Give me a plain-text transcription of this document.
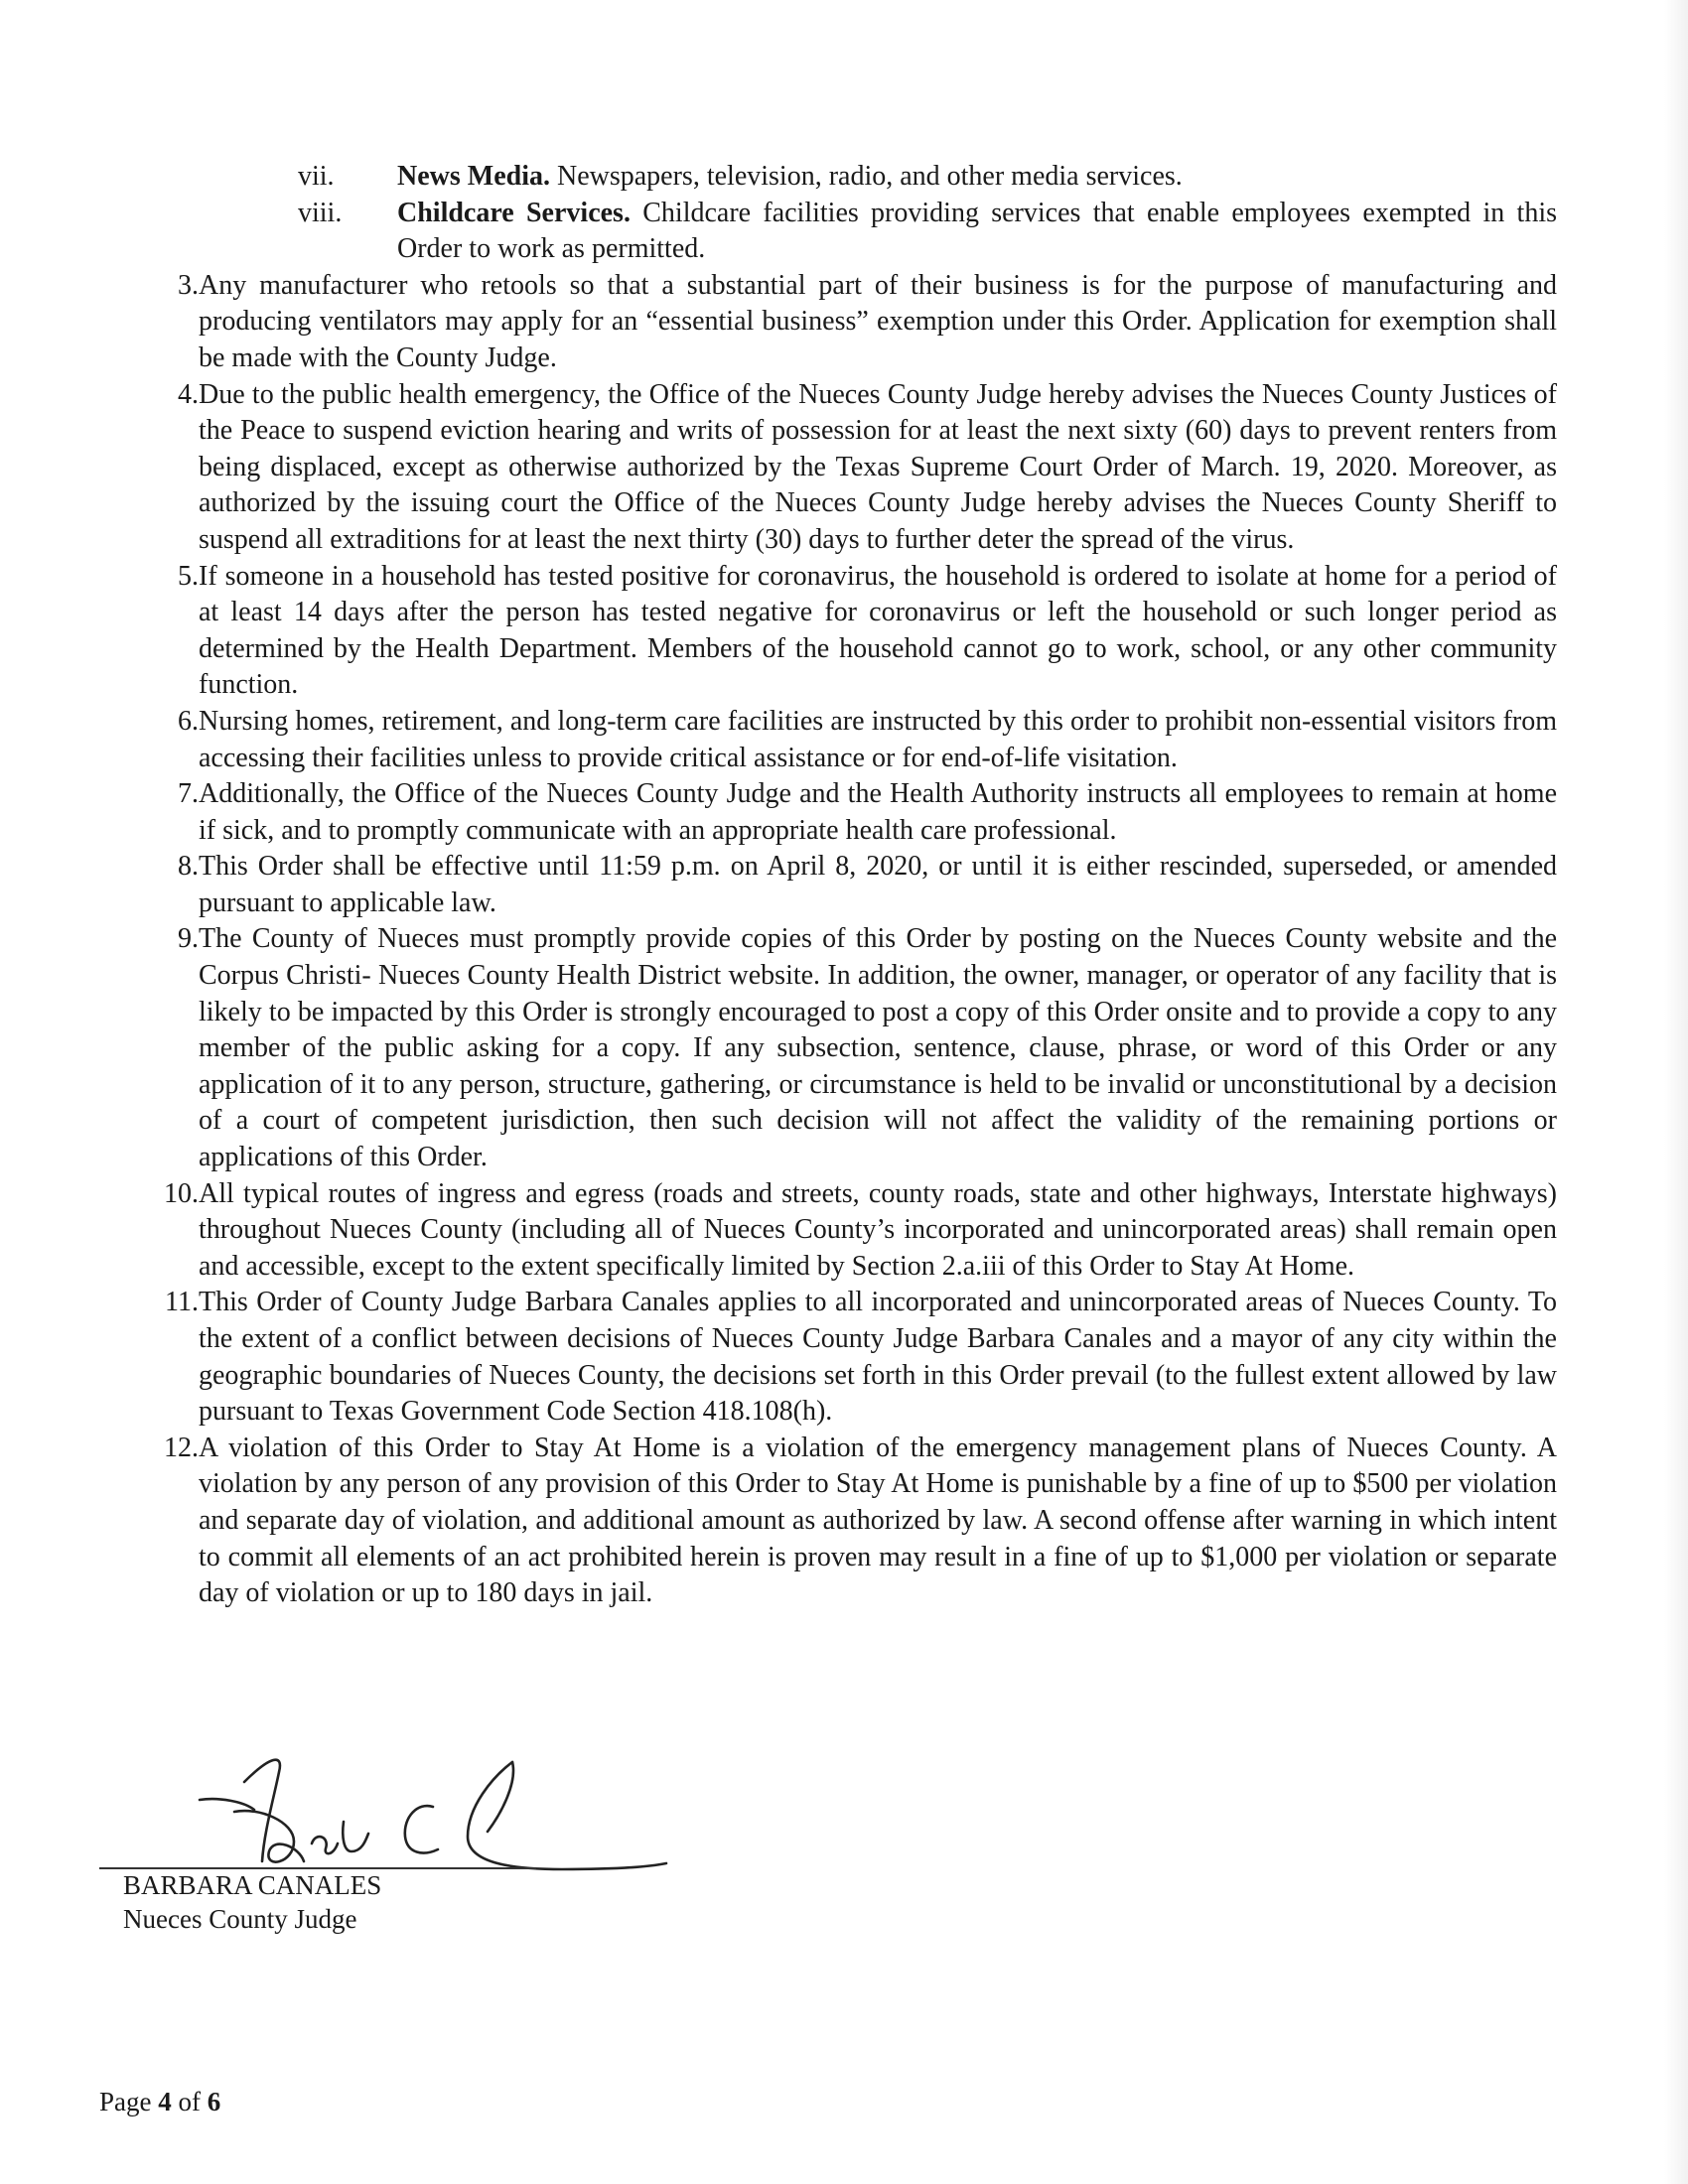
vii.	News Media. Newspapers, television, radio, and other media services.
viii.	Childcare Services. Childcare facilities providing services that enable employees exempted in this Order to work as permitted.
3. Any manufacturer who retools so that a substantial part of their business is for the purpose of manufacturing and producing ventilators may apply for an “essential business” exemption under this Order. Application for exemption shall be made with the County Judge.
4. Due to the public health emergency, the Office of the Nueces County Judge hereby advises the Nueces County Justices of the Peace to suspend eviction hearing and writs of possession for at least the next sixty (60) days to prevent renters from being displaced, except as otherwise authorized by the Texas Supreme Court Order of March. 19, 2020. Moreover, as authorized by the issuing court the Office of the Nueces County Judge hereby advises the Nueces County Sheriff to suspend all extraditions for at least the next thirty (30) days to further deter the spread of the virus.
5. If someone in a household has tested positive for coronavirus, the household is ordered to isolate at home for a period of at least 14 days after the person has tested negative for coronavirus or left the household or such longer period as determined by the Health Department. Members of the household cannot go to work, school, or any other community function.
6. Nursing homes, retirement, and long-term care facilities are instructed by this order to prohibit non-essential visitors from accessing their facilities unless to provide critical assistance or for end-of-life visitation.
7. Additionally, the Office of the Nueces County Judge and the Health Authority instructs all employees to remain at home if sick, and to promptly communicate with an appropriate health care professional.
8. This Order shall be effective until 11:59 p.m. on April 8, 2020, or until it is either rescinded, superseded, or amended pursuant to applicable law.
9. The County of Nueces must promptly provide copies of this Order by posting on the Nueces County website and the Corpus Christi- Nueces County Health District website. In addition, the owner, manager, or operator of any facility that is likely to be impacted by this Order is strongly encouraged to post a copy of this Order onsite and to provide a copy to any member of the public asking for a copy. If any subsection, sentence, clause, phrase, or word of this Order or any application of it to any person, structure, gathering, or circumstance is held to be invalid or unconstitutional by a decision of a court of competent jurisdiction, then such decision will not affect the validity of the remaining portions or applications of this Order.
10. All typical routes of ingress and egress (roads and streets, county roads, state and other highways, Interstate highways) throughout Nueces County (including all of Nueces County’s incorporated and unincorporated areas) shall remain open and accessible, except to the extent specifically limited by Section 2.a.iii of this Order to Stay At Home.
11. This Order of County Judge Barbara Canales applies to all incorporated and unincorporated areas of Nueces County. To the extent of a conflict between decisions of Nueces County Judge Barbara Canales and a mayor of any city within the geographic boundaries of Nueces County, the decisions set forth in this Order prevail (to the fullest extent allowed by law pursuant to Texas Government Code Section 418.108(h).
12. A violation of this Order to Stay At Home is a violation of the emergency management plans of Nueces County. A violation by any person of any provision of this Order to Stay At Home is punishable by a fine of up to $500 per violation and separate day of violation, and additional amount as authorized by law. A second offense after warning in which intent to commit all elements of an act prohibited herein is proven may result in a fine of up to $1,000 per violation or separate day of violation or up to 180 days in jail.
BARBARA CANALES
Nueces County Judge
Page 4 of 6
